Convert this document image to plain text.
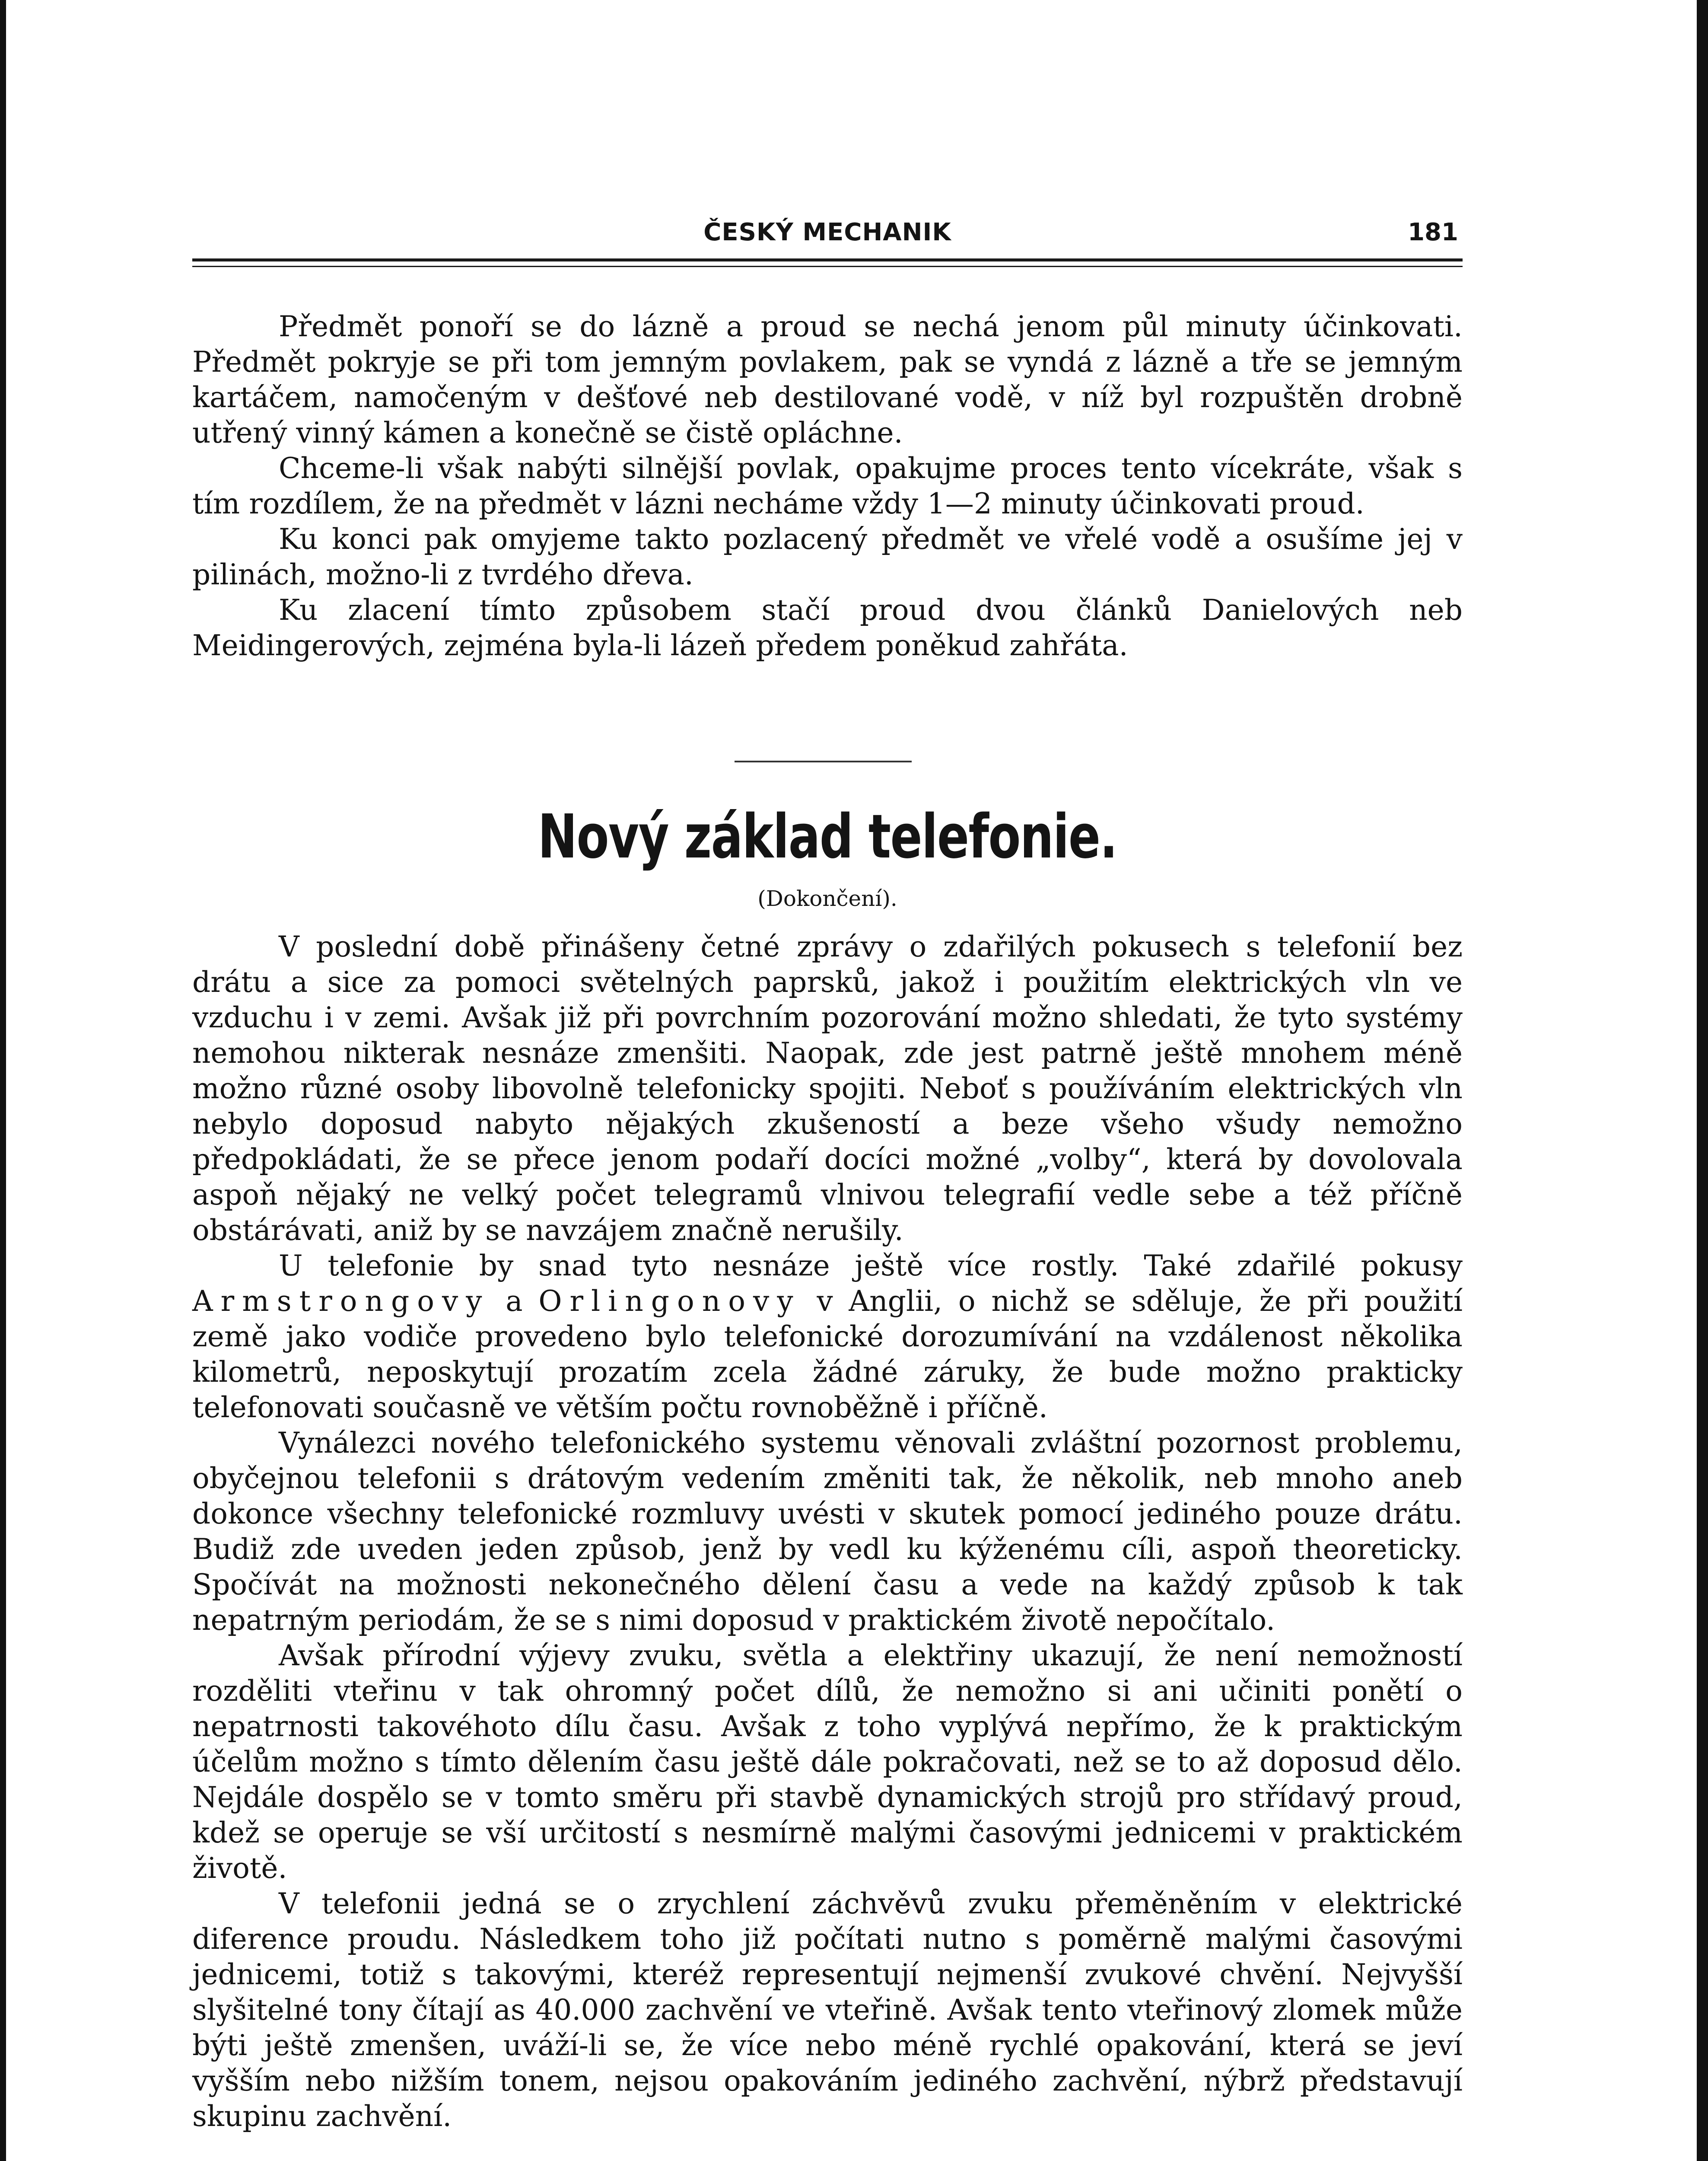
ČESKÝ MECHANIK	181

Předmět ponoří se do lázně a proud se nechá jenom půl minuty účinkovati. Předmět pokryje se při tom jemným povlakem, pak se vyndá z lázně a tře se jemným kartáčem, namočeným v dešťové neb destilované vodě, v níž byl rozpuštěn drobně utřený vinný kámen a konečně se čistě opláchne.

Chceme-li však nabýti silnější povlak, opakujme proces tento vícekráte, však s tím rozdílem, že na předmět v lázni necháme vždy 1—2 minuty účinkovati proud.

Ku konci pak omyjeme takto pozlacený předmět ve vřelé vodě a osušíme jej v pilinách, možno-li z tvrdého dřeva.

Ku zlacení tímto způsobem stačí proud dvou článků Danielových neb Meidingerových, zejména byla-li lázeň předem poněkud zahřáta.

Nový základ telefonie.
(Dokončení).

V poslední době přinášeny četné zprávy o zdařilých pokusech s telefonií bez drátu a sice za pomoci světelných paprsků, jakož i použitím elektrických vln ve vzduchu i v zemi. Avšak již při povrchním pozorování možno shledati, že tyto systémy nemohou nikterak nesnáze zmenšiti. Naopak, zde jest patrně ještě mnohem méně možno různé osoby libovolně telefonicky spojiti. Neboť s používáním elektrických vln nebylo doposud nabyto nějakých zkušeností a beze všeho všudy nemožno předpokládati, že se přece jenom podaří docíci možné „volby“, která by dovolovala aspoň nějaký ne velký počet telegramů vlnivou telegrafií vedle sebe a též příčně obstárávati, aniž by se navzájem značně nerušily.

U telefonie by snad tyto nesnáze ještě více rostly. Také zdařilé pokusy Armstrongovy a Orlingonovy v Anglii, o nichž se sděluje, že při použití země jako vodiče provedeno bylo telefonické dorozumívání na vzdálenost několika kilometrů, neposkytují prozatím zcela žádné záruky, že bude možno prakticky telefonovati současně ve větším počtu rovnoběžně i příčně.

Vynálezci nového telefonického systemu věnovali zvláštní pozornost problemu, obyčejnou telefonii s drátovým vedením změniti tak, že několik, neb mnoho aneb dokonce všechny telefonické rozmluvy uvésti v skutek pomocí jediného pouze drátu. Budiž zde uveden jeden způsob, jenž by vedl ku kýženému cíli, aspoň theoreticky. Spočívát na možnosti nekonečného dělení času a vede na každý způsob k tak nepatrným periodám, že se s nimi doposud v praktickém životě nepočítalo.

Avšak přírodní výjevy zvuku, světla a elektřiny ukazují, že není nemožností rozděliti vteřinu v tak ohromný počet dílů, že nemožno si ani učiniti ponětí o nepatrnosti takovéhoto dílu času. Avšak z toho vyplývá nepřímo, že k praktickým účelům možno s tímto dělením času ještě dále pokračovati, než se to až doposud dělo. Nejdále dospělo se v tomto směru při stavbě dynamických strojů pro střídavý proud, kdež se operuje se vší určitostí s nesmírně malými časovými jednicemi v praktickém životě.

V telefonii jedná se o zrychlení záchvěvů zvuku přeměněním v elektrické diference proudu. Následkem toho již počítati nutno s poměrně malými časovými jednicemi, totiž s takovými, kteréž representují nejmenší zvukové chvění. Nejvyšší slyšitelné tony čítají as 40.000 zachvění ve vteřině. Avšak tento vteřinový zlomek může býti ještě zmenšen, uváží-li se, že více nebo méně rychlé opakování, která se jeví vyšším nebo nižším tonem, nejsou opakováním jediného zachvění, nýbrž představují skupinu zachvění.
